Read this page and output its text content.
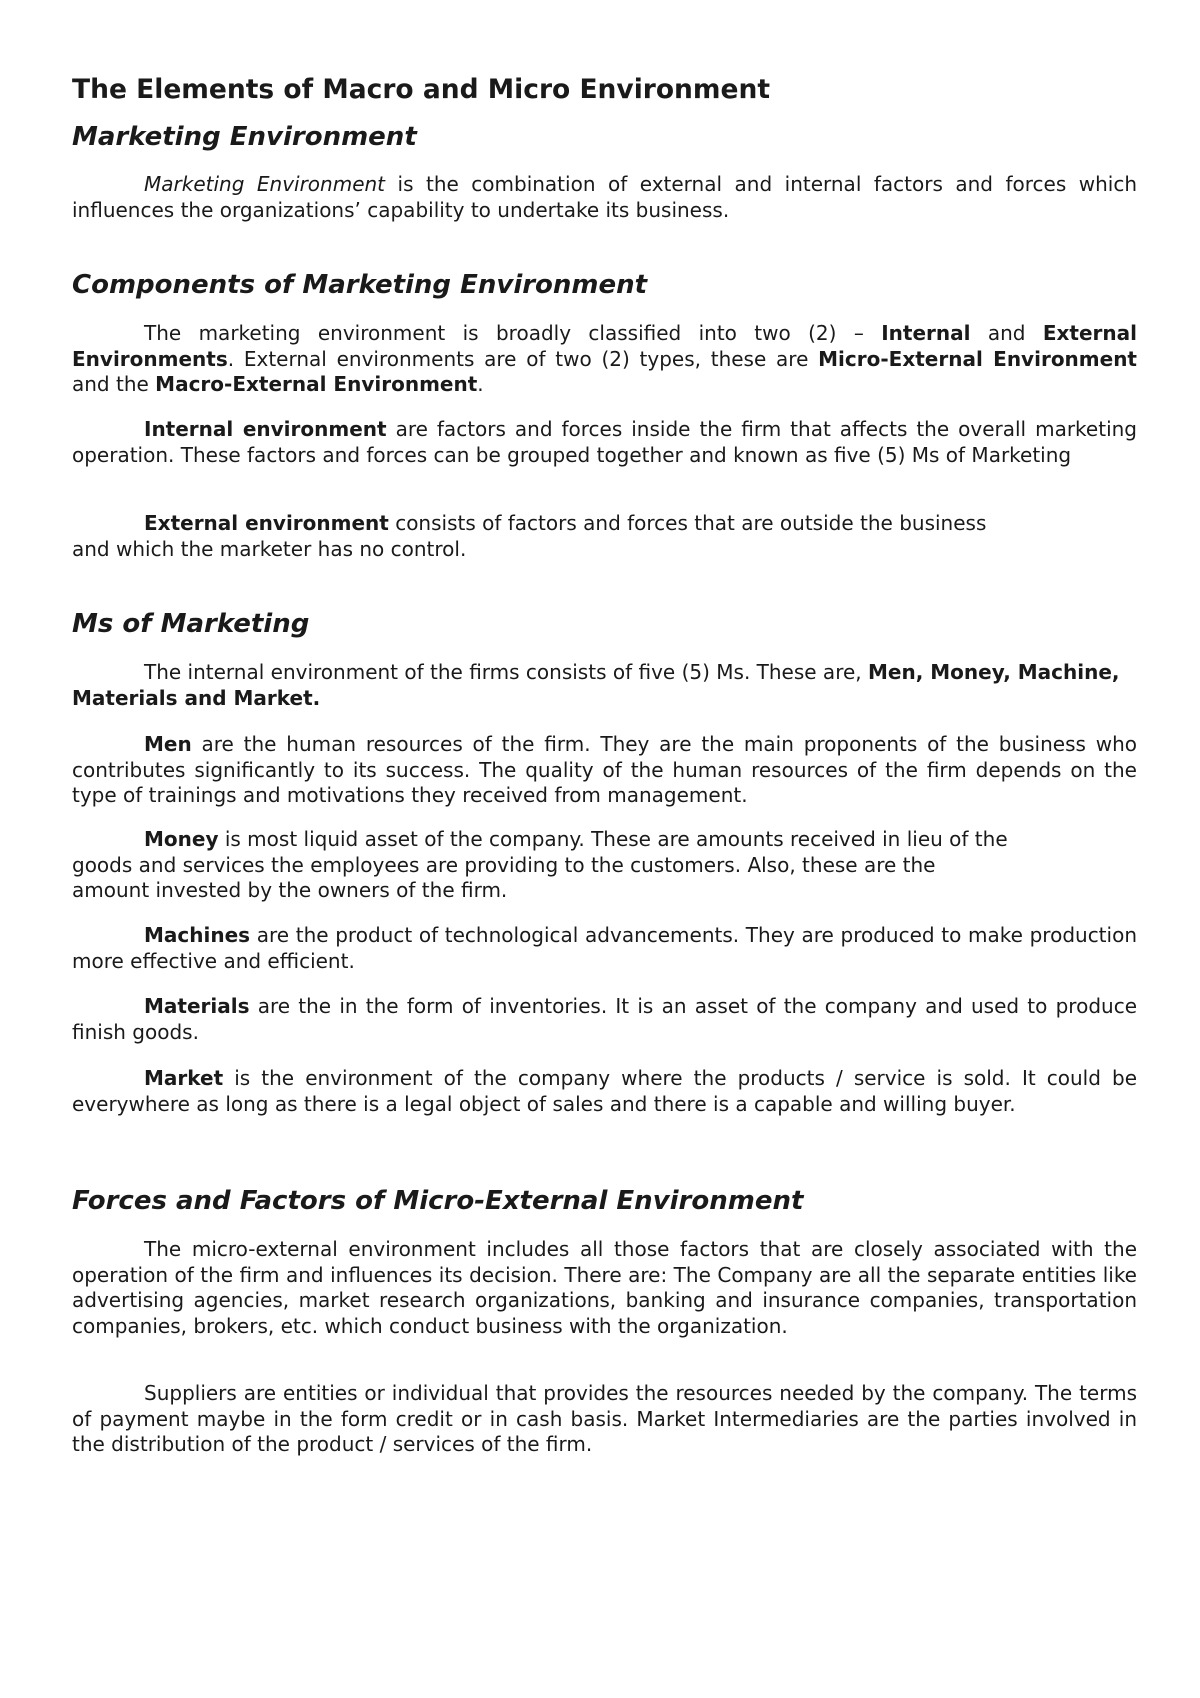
The Elements of Macro and Micro Environment
Marketing Environment

Marketing Environment is the combination of external and internal factors and forces which influences the organizations’ capability to undertake its business.

Components of Marketing Environment

The marketing environment is broadly classified into two (2) – Internal and External Environments. External environments are of two (2) types, these are Micro-External Environment and the Macro-External Environment.

Internal environment are factors and forces inside the firm that affects the overall marketing operation. These factors and forces can be grouped together and known as five (5) Ms of Marketing

External environment consists of factors and forces that are outside the business
and which the marketer has no control.

Ms of Marketing

The internal environment of the firms consists of five (5) Ms. These are, Men, Money, Machine, Materials and Market.

Men are the human resources of the firm. They are the main proponents of the business who contributes significantly to its success. The quality of the human resources of the firm depends on the type of trainings and motivations they received from management.

Money is most liquid asset of the company. These are amounts received in lieu of the
goods and services the employees are providing to the customers. Also, these are the
amount invested by the owners of the firm.

Machines are the product of technological advancements. They are produced to make production more effective and efficient.

Materials are the in the form of inventories. It is an asset of the company and used to produce finish goods.

Market is the environment of the company where the products / service is sold. It could be everywhere as long as there is a legal object of sales and there is a capable and willing buyer.

Forces and Factors of Micro-External Environment

The micro-external environment includes all those factors that are closely associated with the operation of the firm and influences its decision. There are: The Company are all the separate entities like advertising agencies, market research organizations, banking and insurance companies, transportation companies, brokers, etc. which conduct business with the organization.

Suppliers are entities or individual that provides the resources needed by the company. The terms of payment maybe in the form credit or in cash basis. Market Intermediaries are the parties involved in the distribution of the product / services of the firm.
